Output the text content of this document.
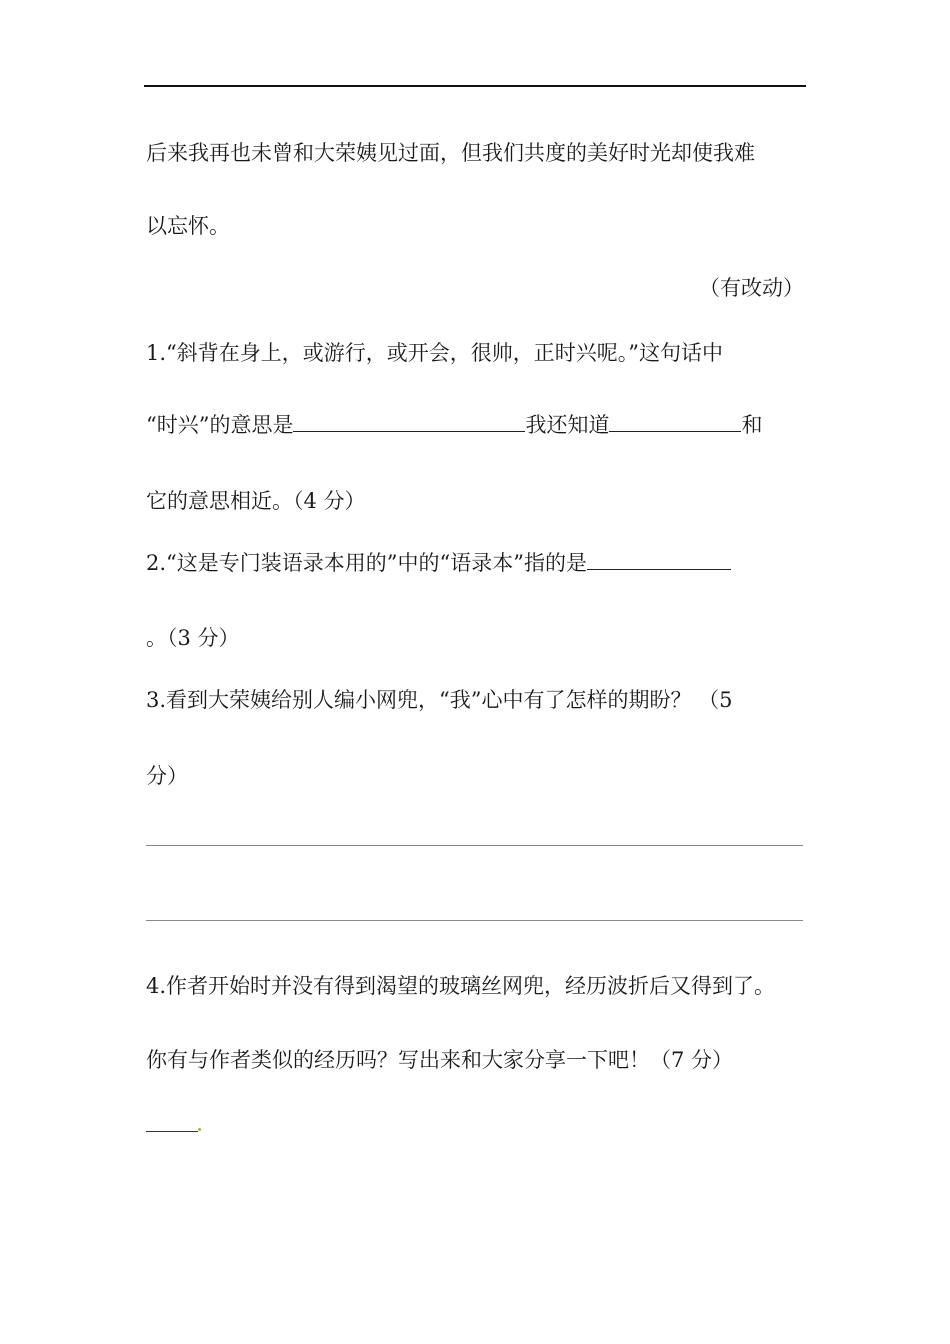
后来我再也未曾和大荣姨见过面，但我们共度的美好时光却使我难
以忘怀。
（有改动）
1.“斜背在身上，或游行，或开会，很帅，正时兴呢。”这句话中
“时兴”的意思是	我还知道	和
它的意思相近。（4 分）
2.“这是专门装语录本用的”中的“语录本”指的是
。（3 分）
3.看到大荣姨给别人编小网兜，“我”心中有了怎样的期盼？ （5
分）
4.作者开始时并没有得到渴望的玻璃丝网兜，经历波折后又得到了。
你有与作者类似的经历吗？写出来和大家分享一下吧！（7 分）
